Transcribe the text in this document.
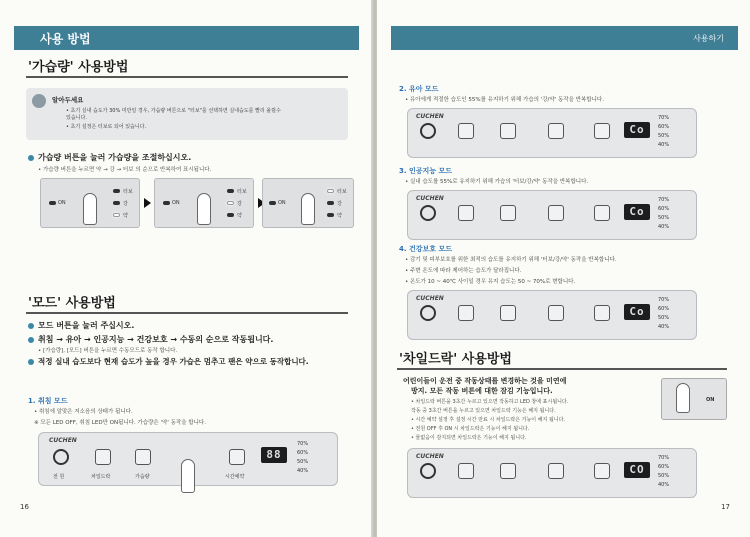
사용 방법
'가습량' 사용방법
알아두세요
• 초기 실내 습도가 30% 미만일 경우, 가습량 버튼으로 "터보"를 선택하면 실내습도를 빨리 올릴수
있습니다.
• 초기 설정은 터보로 되어 있습니다.
가습량 버튼을 눌러 가습량을 조절하십시오.
• 가습량 버튼을 누르면 약 → 강 → 터보 의 순으로 반복하여 표시됩니다.
ON
터보
강
약
ON
터보
강
약
ON
터보
강
약
'모드' 사용방법
모드 버튼을 눌러 주십시오.
취침 → 유아 → 인공지능 → 건강보호 → 수동의 순으로 작동됩니다.
• [가습량], [모드] 버튼을 누르면 수동모드로 동작 합니다.
적정 실내 습도보다 현재 습도가 높을 경우 가습은 멈추고 팬은 약으로 동작합니다.
1. 취침 모드
• 취침에 알맞은 저소음의 상태가 됩니다.
※ 모든 LED OFF, 취침 LED만 ON됩니다. 가습량은 '약' 동작을 합니다.
CUCHEN
전 원	차일드락	가습량	시간예약
88
70%
60%
50%
40%
16
사용하기
2. 유아 모드
• 유아에게 적절한 습도인 55%를 유지하기 위해 가습의 '강/약' 동작을 반복합니다.
CUCHEN
Co
70%
60%
50%
40%
3. 인공지능 모드
• 실내 습도를 55%로 유지하기 위해 가습의 '터보/강/약' 동작을 반복합니다.
CUCHEN
Co
70%
60%
50%
40%
4. 건강보호 모드
• 감기 및 피부보호를 위한 최적의 습도를 유지하기 위해 '터보/강/약' 동작을 반복합니다.
• 주변 온도에 따라 제어하는 습도가 달라집니다.
• 온도가 10 ~ 40℃ 사이일 경우 유지 습도는 50 ~ 70%로 변합니다.
CUCHEN
Co
70%
60%
50%
40%
'차일드락' 사용방법
어린이들이 운전 중 작동상태를 변경하는 것을 미연에
방지. 모든 작동 버튼에 대한 잠김 기능입니다.
• 차일드락 버튼을 3초간 누르고 있으면 작동하고 LED 창에 표시됩니다.
작동 중 3초간 버튼을 누르고 있으면 차일드락 기능은 해지 됩니다.
• 시간 예약 설정 후 설정 시간 만료 시 차일드락은 기능이 해지 됩니다.
• 전원 OFF 후 ON 시 차일드락은 기능이 해지 됩니다.
• 물없음이 감지되면 차일드락은 기능이 해지 됩니다.
ON
CUCHEN
CO
70%
60%
50%
40%
17
